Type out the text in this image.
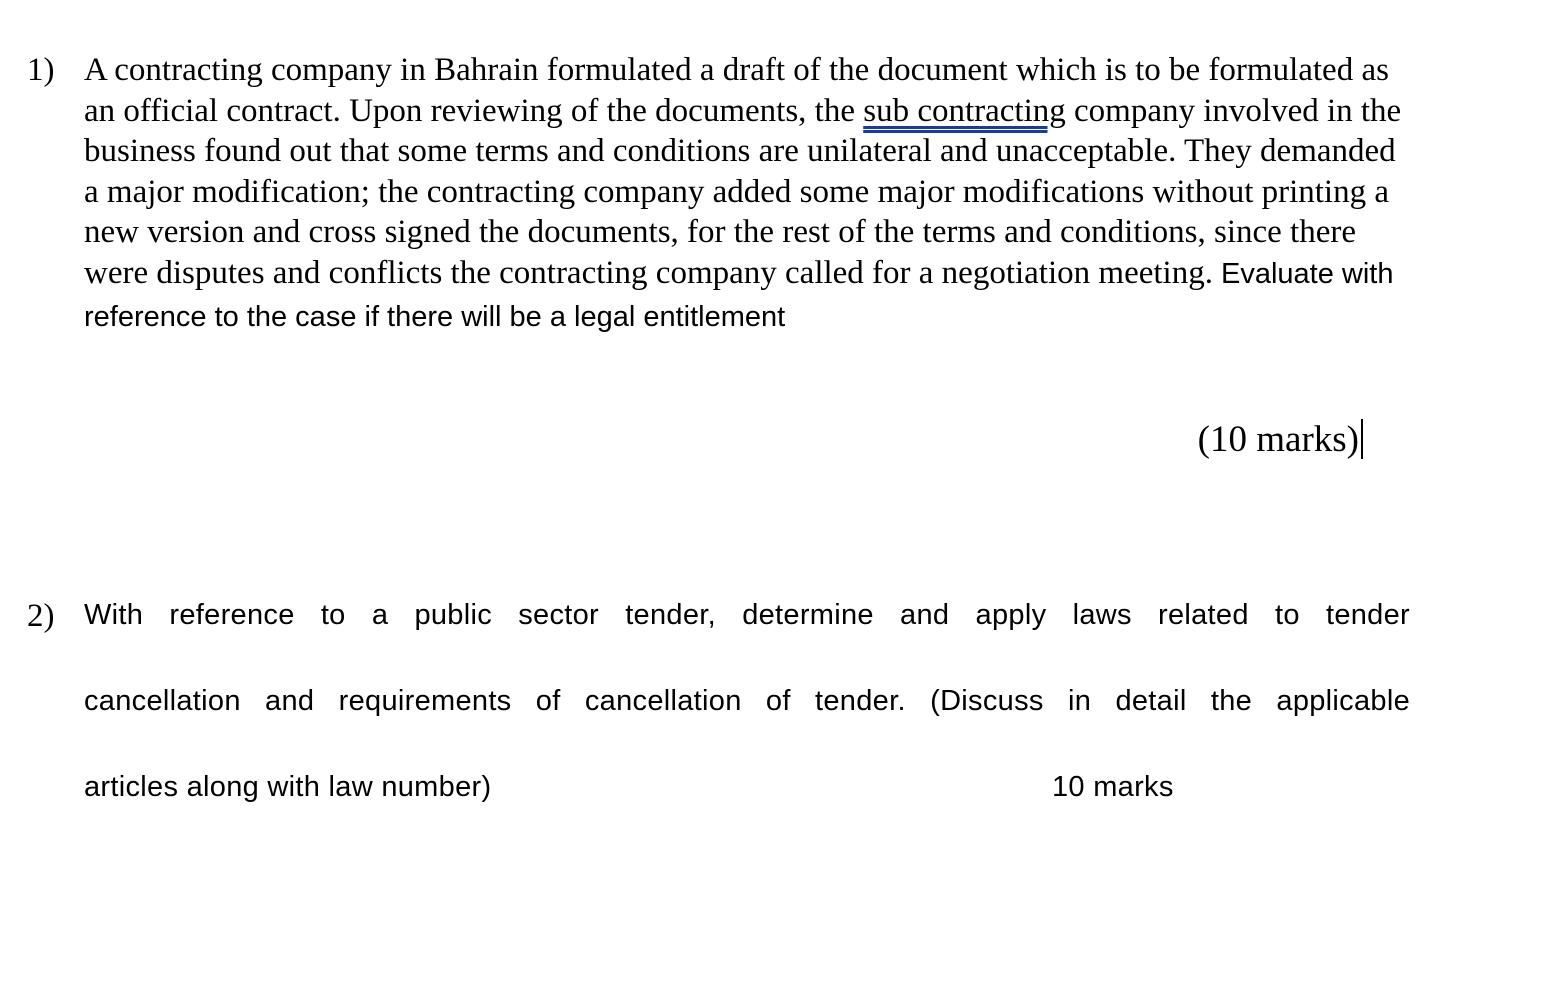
1) A contracting company in Bahrain formulated a draft of the document which is to be formulated as an official contract. Upon reviewing of the documents, the sub contracting company involved in the business found out that some terms and conditions are unilateral and unacceptable. They demanded a major modification; the contracting company added some major modifications without printing a new version and cross signed the documents, for the rest of the terms and conditions, since there were disputes and conflicts the contracting company called for a negotiation meeting. Evaluate with reference to the case if there will be a legal entitlement
(10 marks)
2) With reference to a public sector tender, determine and apply laws related to tender
cancellation and requirements of cancellation of tender. (Discuss in detail the applicable
articles along with law number)	10 marks
